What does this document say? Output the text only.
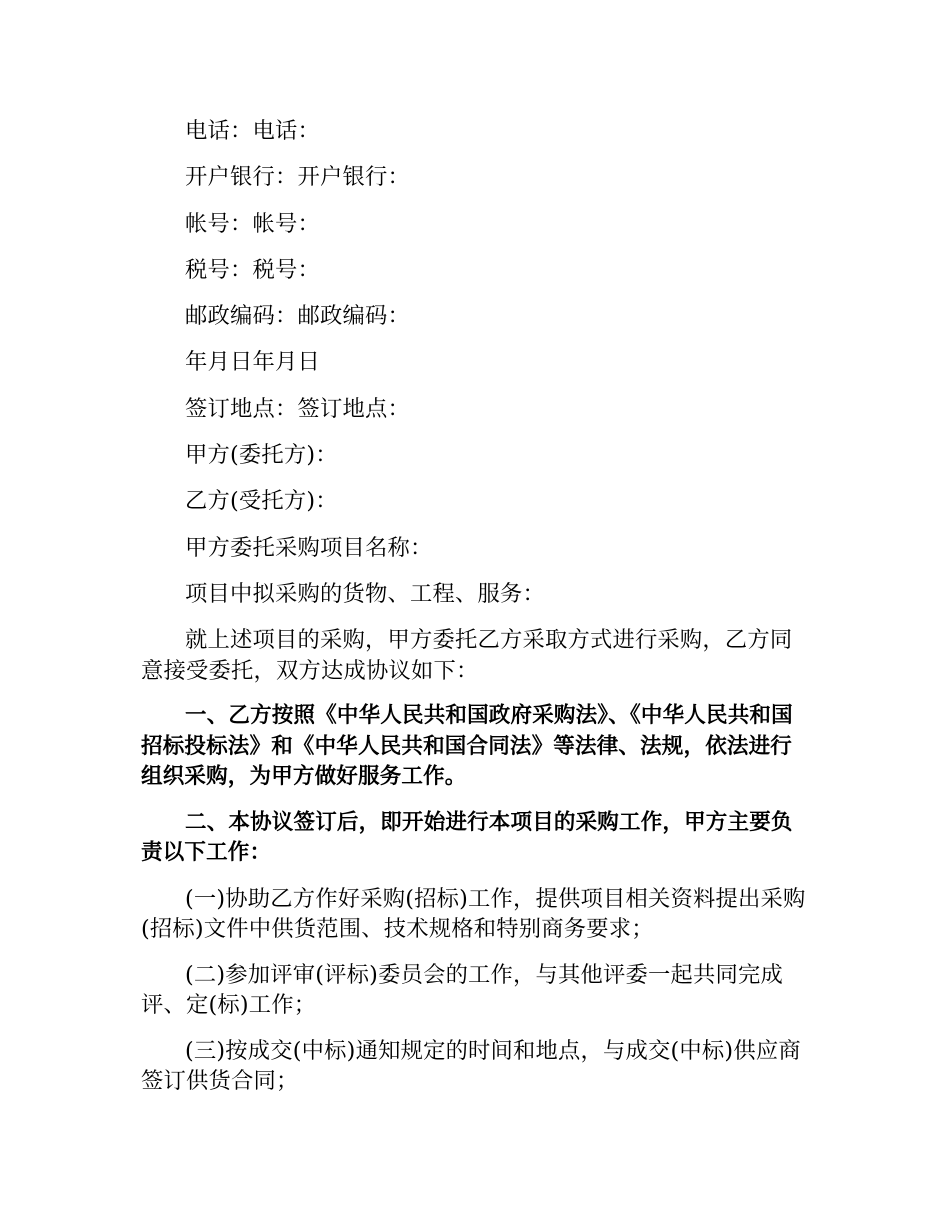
电话：电话：
开户银行：开户银行：
帐号：帐号：
税号：税号：
邮政编码：邮政编码：
年月日年月日
签订地点：签订地点：
甲方(委托方)：
乙方(受托方)：
甲方委托采购项目名称：
项目中拟采购的货物、工程、服务：

就上述项目的采购，甲方委托乙方采取方式进行采购，乙方同意接受委托，双方达成协议如下：

一、乙方按照《中华人民共和国政府采购法》、《中华人民共和国招标投标法》和《中华人民共和国合同法》等法律、法规，依法进行组织采购，为甲方做好服务工作。

二、本协议签订后，即开始进行本项目的采购工作，甲方主要负责以下工作：

(一)协助乙方作好采购(招标)工作，提供项目相关资料提出采购(招标)文件中供货范围、技术规格和特别商务要求；

(二)参加评审(评标)委员会的工作，与其他评委一起共同完成评、定(标)工作；

(三)按成交(中标)通知规定的时间和地点，与成交(中标)供应商签订供货合同；
